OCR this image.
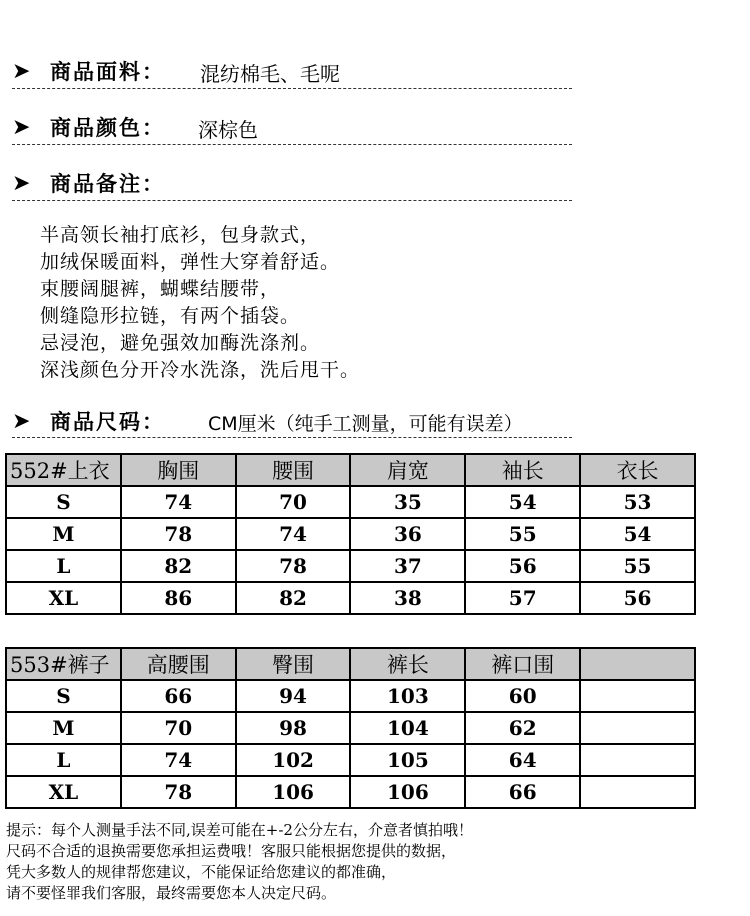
➤ 商品面料： 混纺棉毛、毛呢
➤ 商品颜色： 深棕色
➤ 商品备注：
半高领长袖打底衫，包身款式，
加绒保暖面料，弹性大穿着舒适。
束腰阔腿裤，蝴蝶结腰带，
侧缝隐形拉链，有两个插袋。
忌浸泡，避免强效加酶洗涤剂。
深浅颜色分开冷水洗涤，洗后甩干。
➤ 商品尺码： CM厘米（纯手工测量，可能有误差）
552#上衣	胸围	腰围	肩宽	袖长	衣长
S	74	70	35	54	53
M	78	74	36	55	54
L	82	78	37	56	55
XL	86	82	38	57	56
553#裤子	高腰围	臀围	裤长	裤口围	
S	66	94	103	60	
M	70	98	104	62	
L	74	102	105	64	
XL	78	106	106	66	
提示：每个人测量手法不同,误差可能在+-2公分左右，介意者慎拍哦！
尺码不合适的退换需要您承担运费哦！客服只能根据您提供的数据，
凭大多数人的规律帮您建议，不能保证给您建议的都准确，
请不要怪罪我们客服，最终需要您本人决定尺码。
